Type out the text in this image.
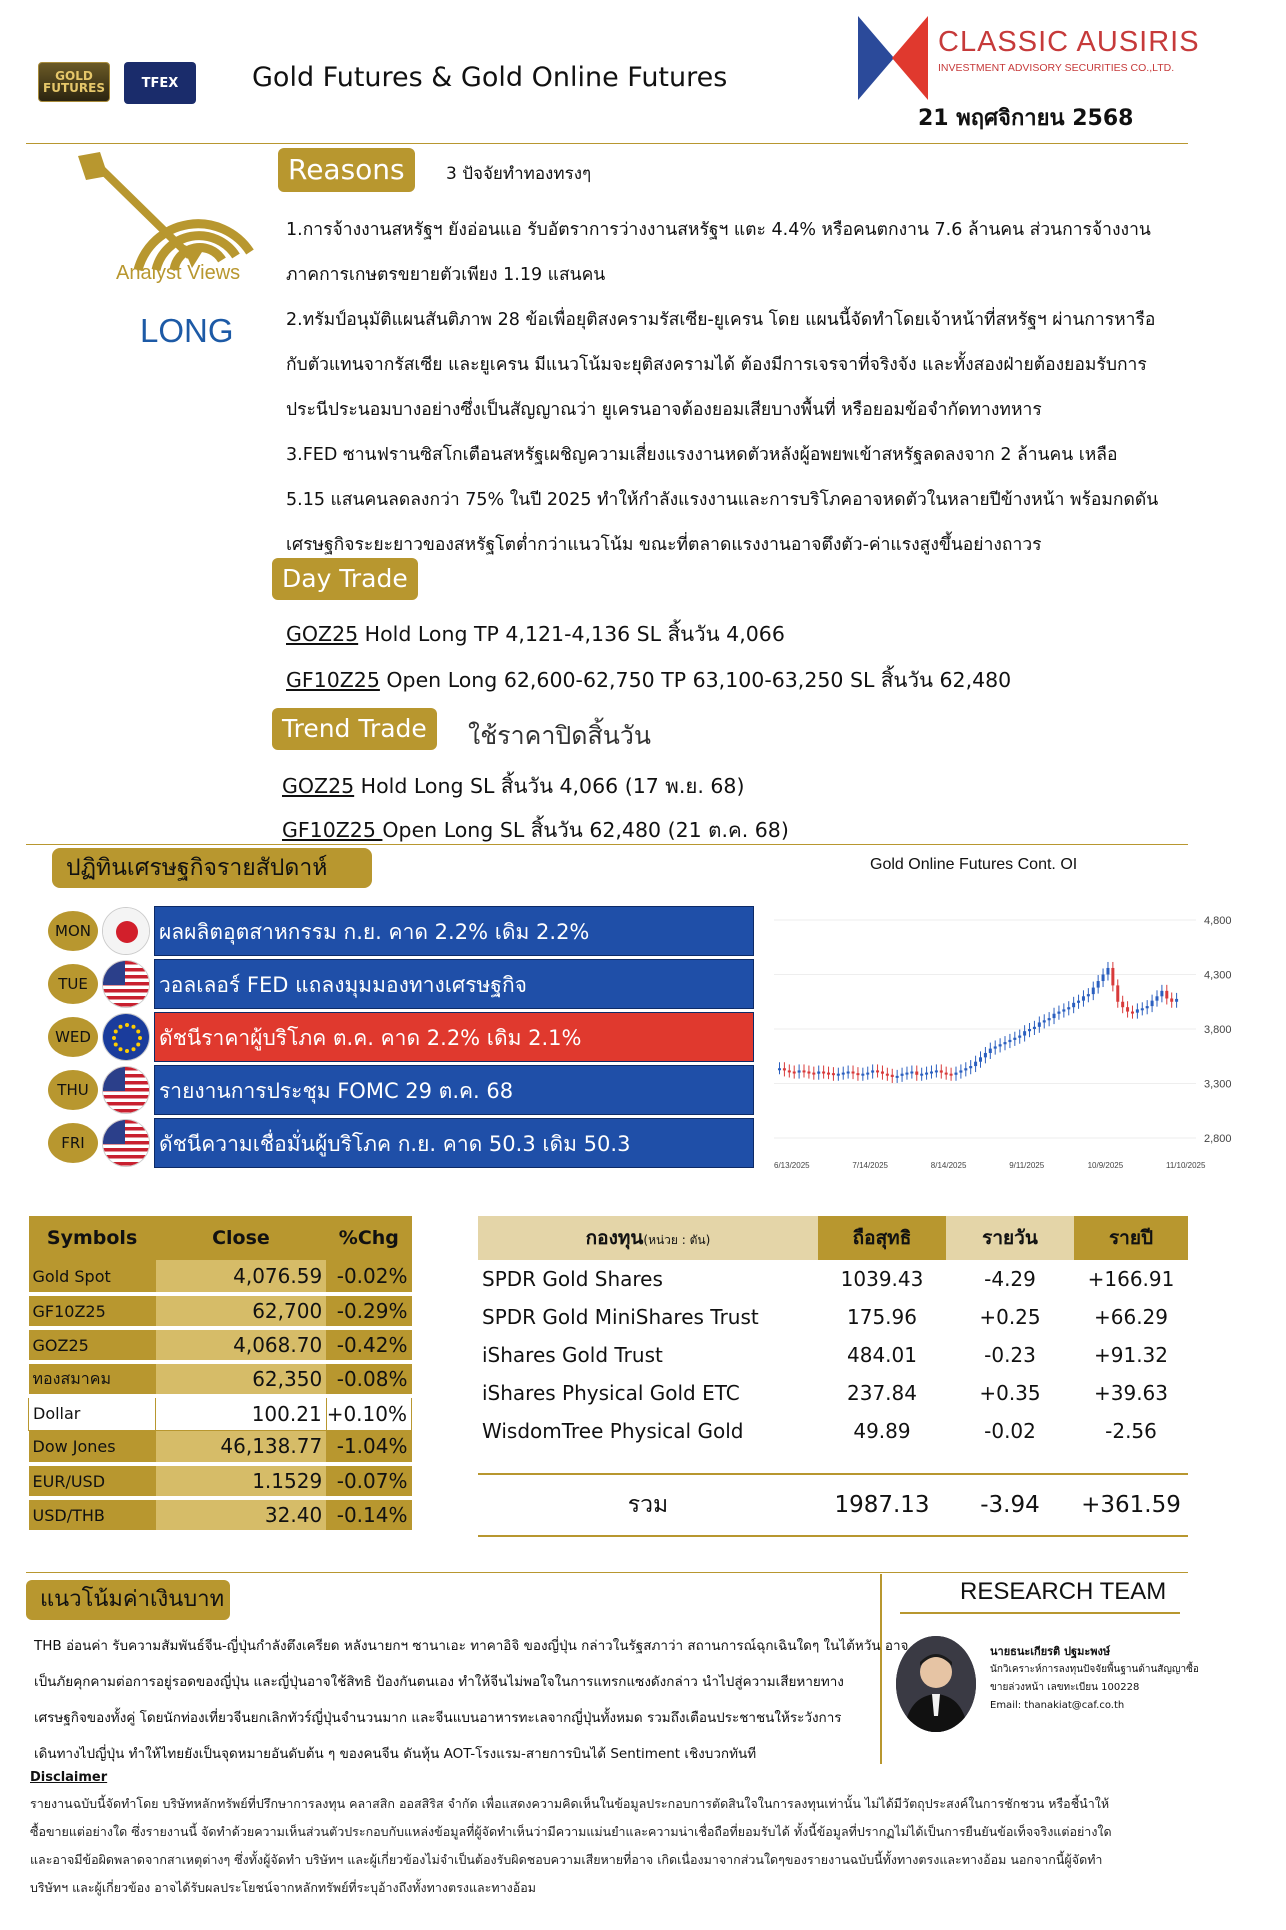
GOLD FUTURES	TFEX	Gold Futures & Gold Online Futures
CLASSIC AUSIRIS
INVESTMENT ADVISORY SECURITIES CO.,LTD.
21 พฤศจิกายน 2568
Analyst Views
LONG
Reasons	3 ปัจจัยทำทองทรงๆ
1.การจ้างงานสหรัฐฯ ยังอ่อนแอ รับอัตราการว่างงานสหรัฐฯ แตะ 4.4% หรือคนตกงาน 7.6 ล้านคน ส่วนการจ้างงาน
ภาคการเกษตรขยายตัวเพียง 1.19 แสนคน
2.ทรัมป์อนุมัติแผนสันติภาพ 28 ข้อเพื่อยุติสงครามรัสเซีย-ยูเครน โดย แผนนี้จัดทำโดยเจ้าหน้าที่สหรัฐฯ ผ่านการหารือ
กับตัวแทนจากรัสเซีย และยูเครน มีแนวโน้มจะยุติสงครามได้ ต้องมีการเจรจาที่จริงจัง และทั้งสองฝ่ายต้องยอมรับการ
ประนีประนอมบางอย่างซึ่งเป็นสัญญาณว่า ยูเครนอาจต้องยอมเสียบางพื้นที่ หรือยอมข้อจำกัดทางทหาร
3.FED ซานฟรานซิสโกเตือนสหรัฐเผชิญความเสี่ยงแรงงานหดตัวหลังผู้อพยพเข้าสหรัฐลดลงจาก 2 ล้านคน เหลือ
5.15 แสนคนลดลงกว่า 75% ในปี 2025 ทำให้กำลังแรงงานและการบริโภคอาจหดตัวในหลายปีข้างหน้า พร้อมกดดัน
เศรษฐกิจระยะยาวของสหรัฐโตต่ำกว่าแนวโน้ม ขณะที่ตลาดแรงงานอาจตึงตัว-ค่าแรงสูงขึ้นอย่างถาวร
Day Trade
GOZ25 Hold Long TP 4,121-4,136 SL สิ้นวัน 4,066
GF10Z25 Open Long 62,600-62,750 TP 63,100-63,250 SL สิ้นวัน 62,480
Trend Trade	ใช้ราคาปิดสิ้นวัน
GOZ25 Hold Long SL สิ้นวัน 4,066 (17 พ.ย. 68)
GF10Z25 Open Long SL สิ้นวัน 62,480 (21 ต.ค. 68)
ปฏิทินเศรษฐกิจรายสัปดาห์
MON	ผลผลิตอุตสาหกรรม ก.ย. คาด 2.2% เดิม 2.2%
TUE	วอลเลอร์ FED แถลงมุมมองทางเศรษฐกิจ
WED	ดัชนีราคาผู้บริโภค ต.ค. คาด 2.2% เดิม 2.1%
THU	รายงานการประชุม FOMC 29 ต.ค. 68
FRI	ดัชนีความเชื่อมั่นผู้บริโภค ก.ย. คาด 50.3 เดิม 50.3
Gold Online Futures Cont. OI
4,800
4,300
3,800
3,300
2,800
6/13/2025	7/14/2025	8/14/2025	9/11/2025	10/9/2025	11/10/2025
Symbols	Close	%Chg
Gold Spot	4,076.59	-0.02%
GF10Z25	62,700	-0.29%
GOZ25	4,068.70	-0.42%
ทองสมาคม	62,350	-0.08%
Dollar	100.21	+0.10%
Dow Jones	46,138.77	-1.04%
EUR/USD	1.1529	-0.07%
USD/THB	32.40	-0.14%
กองทุน(หน่วย : ตัน)	ถือสุทธิ	รายวัน	รายปี
SPDR Gold Shares	1039.43	-4.29	+166.91
SPDR Gold MiniShares Trust	175.96	+0.25	+66.29
iShares Gold Trust	484.01	-0.23	+91.32
iShares Physical Gold ETC	237.84	+0.35	+39.63
WisdomTree Physical Gold	49.89	-0.02	-2.56

รวม	1987.13	-3.94	+361.59
แนวโน้มค่าเงินบาท
THB อ่อนค่า รับความสัมพันธ์จีน-ญี่ปุ่นกำลังตึงเครียด หลังนายกฯ ซานาเอะ ทาคาอิจิ ของญี่ปุ่น กล่าวในรัฐสภาว่า สถานการณ์ฉุกเฉินใดๆ ในไต้หวัน อาจ
เป็นภัยคุกคามต่อการอยู่รอดของญี่ปุ่น และญี่ปุ่นอาจใช้สิทธิ ป้องกันตนเอง ทำให้จีนไม่พอใจในการแทรกแซงดังกล่าว นำไปสู่ความเสียหายทาง
เศรษฐกิจของทั้งคู่ โดยนักท่องเที่ยวจีนยกเลิกทัวร์ญี่ปุ่นจำนวนมาก และจีนแบนอาหารทะเลจากญี่ปุ่นทั้งหมด รวมถึงเตือนประชาชนให้ระวังการ
เดินทางไปญี่ปุ่น ทำให้ไทยยังเป็นจุดหมายอันดับต้น ๆ ของคนจีน ดันหุ้น AOT-โรงแรม-สายการบินได้ Sentiment เชิงบวกทันที
RESEARCH TEAM
นายธนะเกียรติ ปฐมะพงษ์
นักวิเคราะห์การลงทุนปัจจัยพื้นฐานด้านสัญญาซื้อ
ขายล่วงหน้า เลขทะเบียน 100228
Email: thanakiat@caf.co.th
Disclaimer
รายงานฉบับนี้จัดทำโดย บริษัทหลักทรัพย์ที่ปรึกษาการลงทุน คลาสสิก ออสสิริส จำกัด เพื่อแสดงความคิดเห็นในข้อมูลประกอบการตัดสินใจในการลงทุนเท่านั้น ไม่ได้มีวัตถุประสงค์ในการชักชวน หรือชี้นำให้
ซื้อขายแต่อย่างใด ซึ่งรายงานนี้ จัดทำด้วยความเห็นส่วนตัวประกอบกับแหล่งข้อมูลที่ผู้จัดทำเห็นว่ามีความแม่นยำและความน่าเชื่อถือที่ยอมรับได้ ทั้งนี้ข้อมูลที่ปรากฏไม่ได้เป็นการยืนยันข้อเท็จจริงแต่อย่างใด
และอาจมีข้อผิดพลาดจากสาเหตุต่างๆ ซึ่งทั้งผู้จัดทำ บริษัทฯ และผู้เกี่ยวข้องไม่จำเป็นต้องรับผิดชอบความเสียหายที่อาจ เกิดเนื่องมาจากส่วนใดๆของรายงานฉบับนี้ทั้งทางตรงและทางอ้อม นอกจากนี้ผู้จัดทำ
บริษัทฯ และผู้เกี่ยวข้อง อาจได้รับผลประโยชน์จากหลักทรัพย์ที่ระบุอ้างถึงทั้งทางตรงและทางอ้อม
